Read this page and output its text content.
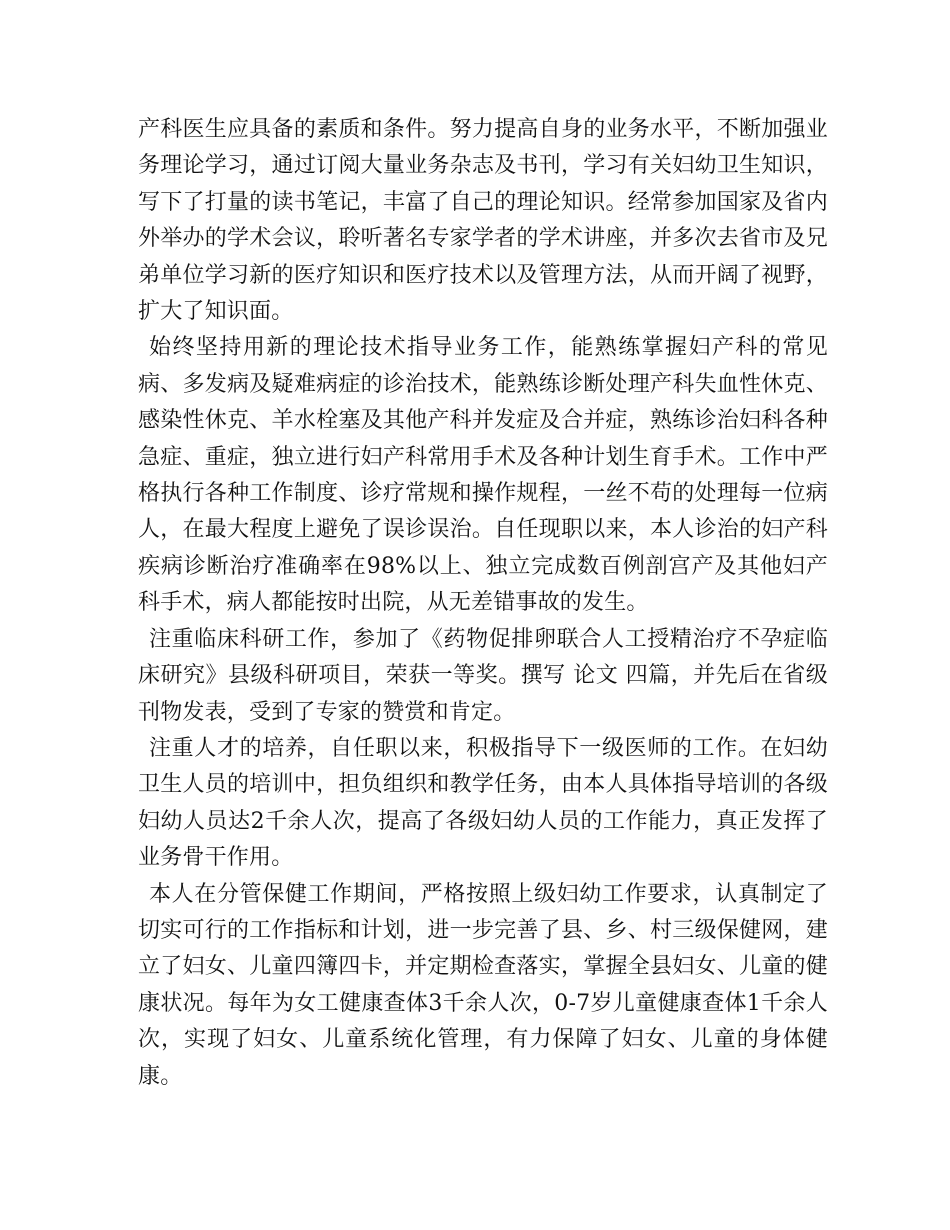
产科医生应具备的素质和条件。努力提高自身的业务水平，不断加强业务理论学习，通过订阅大量业务杂志及书刊，学习有关妇幼卫生知识，写下了打量的读书笔记，丰富了自己的理论知识。经常参加国家及省内外举办的学术会议，聆听著名专家学者的学术讲座，并多次去省市及兄弟单位学习新的医疗知识和医疗技术以及管理方法，从而开阔了视野，扩大了知识面。

始终坚持用新的理论技术指导业务工作，能熟练掌握妇产科的常见病、多发病及疑难病症的诊治技术，能熟练诊断处理产科失血性休克、感染性休克、羊水栓塞及其他产科并发症及合并症，熟练诊治妇科各种急症、重症，独立进行妇产科常用手术及各种计划生育手术。工作中严格执行各种工作制度、诊疗常规和操作规程，一丝不苟的处理每一位病人，在最大程度上避免了误诊误治。自任现职以来，本人诊治的妇产科疾病诊断治疗准确率在98%以上、独立完成数百例剖宫产及其他妇产科手术，病人都能按时出院，从无差错事故的发生。

注重临床科研工作，参加了《药物促排卵联合人工授精治疗不孕症临床研究》县级科研项目，荣获一等奖。撰写 论文 四篇，并先后在省级刊物发表，受到了专家的赞赏和肯定。

注重人才的培养，自任职以来，积极指导下一级医师的工作。在妇幼卫生人员的培训中，担负组织和教学任务，由本人具体指导培训的各级妇幼人员达2千余人次，提高了各级妇幼人员的工作能力，真正发挥了业务骨干作用。

本人在分管保健工作期间，严格按照上级妇幼工作要求，认真制定了切实可行的工作指标和计划，进一步完善了县、乡、村三级保健网，建立了妇女、儿童四簿四卡，并定期检查落实，掌握全县妇女、儿童的健康状况。每年为女工健康查体3千余人次，0-7岁儿童健康查体1千余人次，实现了妇女、儿童系统化管理，有力保障了妇女、儿童的身体健康。
